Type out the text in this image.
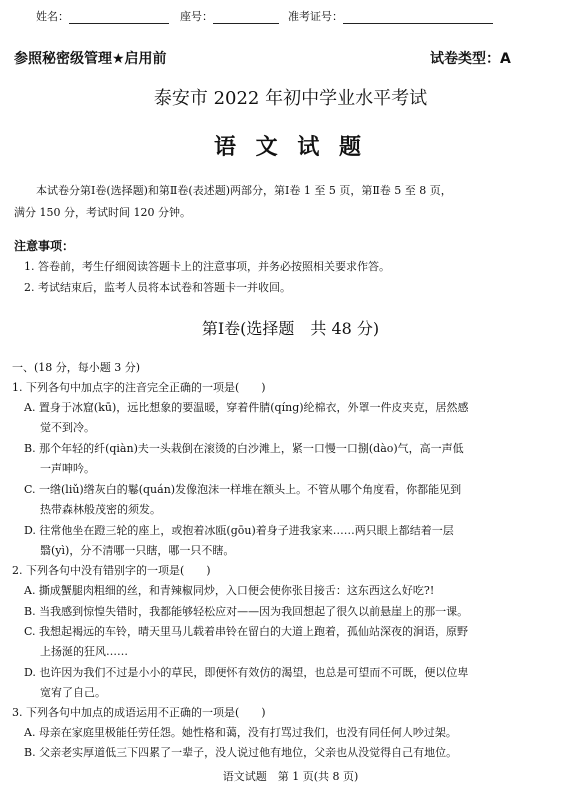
姓名：	座号：	准考证号：
参照秘密级管理★启用前	试卷类型：A
泰安市 2022 年初中学业水平考试
语 文 试 题
本试卷分第Ⅰ卷(选择题)和第Ⅱ卷(表述题)两部分，第Ⅰ卷 1 至 5 页，第Ⅱ卷 5 至 8 页，
满分 150 分，考试时间 120 分钟。
注意事项：
1. 答卷前，考生仔细阅读答题卡上的注意事项，并务必按照相关要求作答。
2. 考试结束后，监考人员将本试卷和答题卡一并收回。
第Ⅰ卷(选择题　共 48 分)
一、(18 分，每小题 3 分)
1. 下列各句中加点字的注音完全正确的一项是(　　)
A. 置身于冰窟(kū)，远比想象的要温暖，穿着件腈(qíng)纶棉衣，外罩一件皮夹克，居然感
觉不到冷。
B. 那个年轻的纤(qiàn)夫一头栽倒在滚烫的白沙滩上，紧一口慢一口捌(dào)气，高一声低
一声呻吟。
C. 一绺(liǔ)绺灰白的鬈(quán)发像泡沫一样堆在额头上。不管从哪个角度看，你都能见到
热带森林般茂密的须发。
D. 往常他坐在蹬三轮的座上，或抱着冰瓯(gōu)着身子进我家来……两只眼上都结着一层
翳(yì)，分不清哪一只瞎，哪一只不瞎。
2. 下列各句中没有错别字的一项是(　　)
A. 撕成蟹腿肉粗细的丝，和青辣椒同炒，入口便会使你张目接舌：这东西这么好吃?!
B. 当我感到惊惶失错时，我都能够轻松应对——因为我回想起了很久以前悬崖上的那一课。
C. 我想起褐远的车铃，晴天里马儿载着串铃在留白的大道上跑着，孤仙站深夜的涧语，原野
上扬涎的狂风……
D. 也许因为我们不过是小小的草民，即便怀有效仿的渴望，也总是可望而不可既，便以位卑
宽宥了自己。
3. 下列各句中加点的成语运用不正确的一项是(　　)
A. 母亲在家庭里极能任劳任怨。她性格和蔼，没有打骂过我们，也没有同任何人吵过架。
B. 父亲老实厚道低三下四累了一辈子，没人说过他有地位，父亲也从没觉得自己有地位。
语文试题　第 1 页(共 8 页)
